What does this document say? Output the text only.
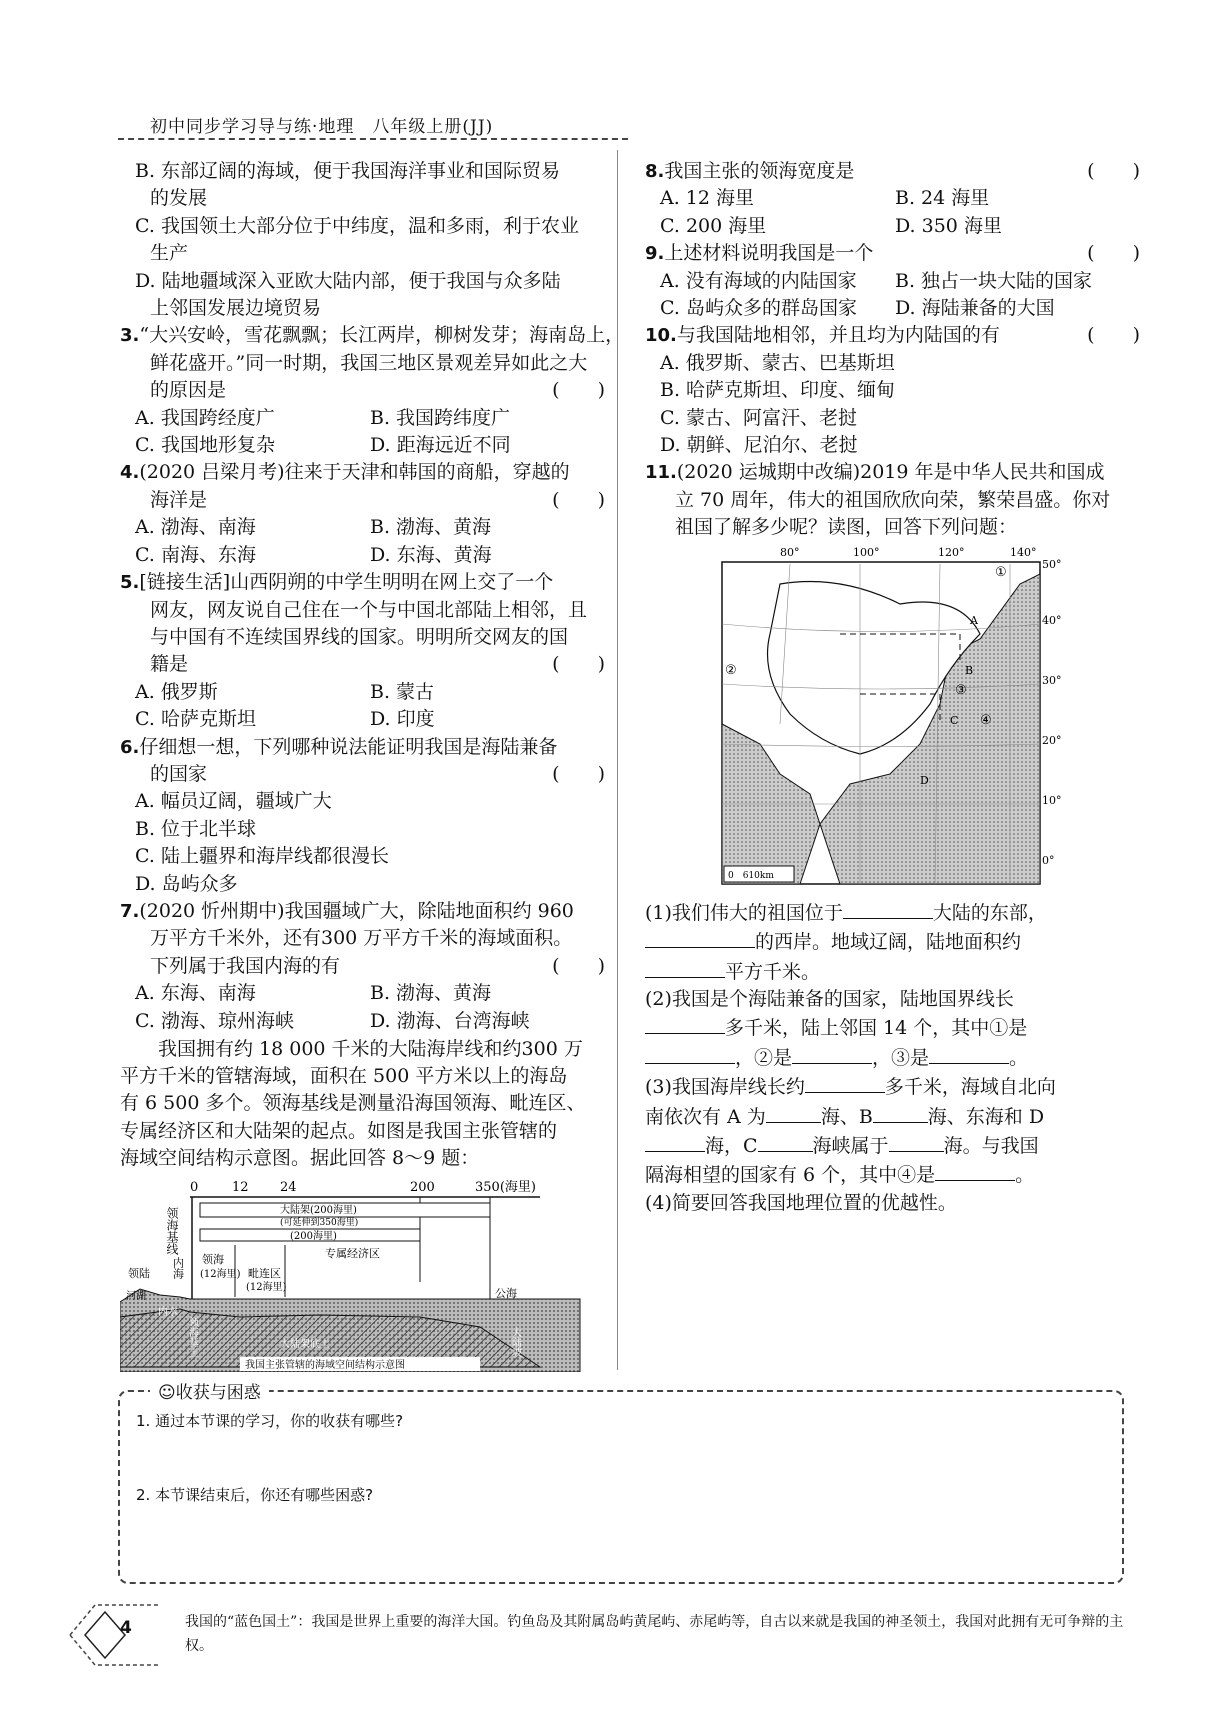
初中同步学习导与练·地理　八年级上册(JJ)
B. 东部辽阔的海域，便于我国海洋事业和国际贸易
的发展
C. 我国领土大部分位于中纬度，温和多雨，利于农业
生产
D. 陆地疆域深入亚欧大陆内部，便于我国与众多陆
上邻国发展边境贸易
3.“大兴安岭，雪花飘飘；长江两岸，柳树发芽；海南岛上，
鲜花盛开。”同一时期，我国三地区景观差异如此之大
的原因是	(　　)
A. 我国跨经度广	B. 我国跨纬度广
C. 我国地形复杂	D. 距海远近不同
4.(2020 吕梁月考)往来于天津和韩国的商船，穿越的
海洋是	(　　)
A. 渤海、南海	B. 渤海、黄海
C. 南海、东海	D. 东海、黄海
5.[链接生活]山西阴朔的中学生明明在网上交了一个
网友，网友说自己住在一个与中国北部陆上相邻，且
与中国有不连续国界线的国家。明明所交网友的国
籍是	(　　)
A. 俄罗斯	B. 蒙古
C. 哈萨克斯坦	D. 印度
6.仔细想一想，下列哪种说法能证明我国是海陆兼备
的国家	(　　)
A. 幅员辽阔，疆域广大
B. 位于北半球
C. 陆上疆界和海岸线都很漫长
D. 岛屿众多
7.(2020 忻州期中)我国疆域广大，除陆地面积约 960
万平方千米外，还有300 万平方千米的海域面积。
下列属于我国内海的有	(　　)
A. 东海、南海	B. 渤海、黄海
C. 渤海、琼州海峡	D. 渤海、台湾海峡
我国拥有约 18 000 千米的大陆海岸线和约300 万
平方千米的管辖海域，面积在 500 平方米以上的海岛
有 6 500 多个。领海基线是测量沿海国领海、毗连区、
专属经济区和大陆架的起点。如图是我国主张管辖的
海域空间结构示意图。据此回答 8～9 题：
0	12 24	200	350(海里)
领海基线	大陆架(200海里)
(可延伸到350海里)
(200海里)
专属经济区
领陆 内海 领海
(12海里) 毗连区
(12海里)	公海
河湖
内水
领海基土	大陆架底土	大陆坡
我国主张管辖的海域空间结构示意图
8.我国主张的领海宽度是	(　　)
A. 12 海里	B. 24 海里
C. 200 海里	D. 350 海里
9.上述材料说明我国是一个	(　　)
A. 没有海域的内陆国家	B. 独占一块大陆的国家
C. 岛屿众多的群岛国家	D. 海陆兼备的大国
10.与我国陆地相邻，并且均为内陆国的有	(　　)
A. 俄罗斯、蒙古、巴基斯坦
B. 哈萨克斯坦、印度、缅甸
C. 蒙古、阿富汗、老挝
D. 朝鲜、尼泊尔、老挝
11.(2020 运城期中改编)2019 年是中华人民共和国成
立 70 周年，伟大的祖国欣欣向荣，繁荣昌盛。你对
祖国了解多少呢？读图，回答下列问题：
80°	100°	120°	140°
50°
40°
30°
20°
10°
0°
①
②
③
④
A
B
C
D
0　610km
(1)我们伟大的祖国位于	大陆的东部，
的西岸。地域辽阔，陆地面积约
平方千米。
(2)我国是个海陆兼备的国家，陆地国界线长
多千米，陆上邻国 14 个，其中①是
，②是	，③是	。
(3)我国海岸线长约	多千米，海域自北向
南依次有 A 为	海、B	海、东海和 D
海，C	海峡属于	海。与我国
隔海相望的国家有 6 个，其中④是	。
(4)简要回答我国地理位置的优越性。
☺收获与困惑
1. 通过本节课的学习，你的收获有哪些?
2. 本节课结束后，你还有哪些困惑?
4	我国的“蓝色国土”：我国是世界上重要的海洋大国。钓鱼岛及其附属岛屿黄尾屿、赤尾屿等，自古以来就是我国的神圣领土，我国对此拥有无可争辩的主权。
